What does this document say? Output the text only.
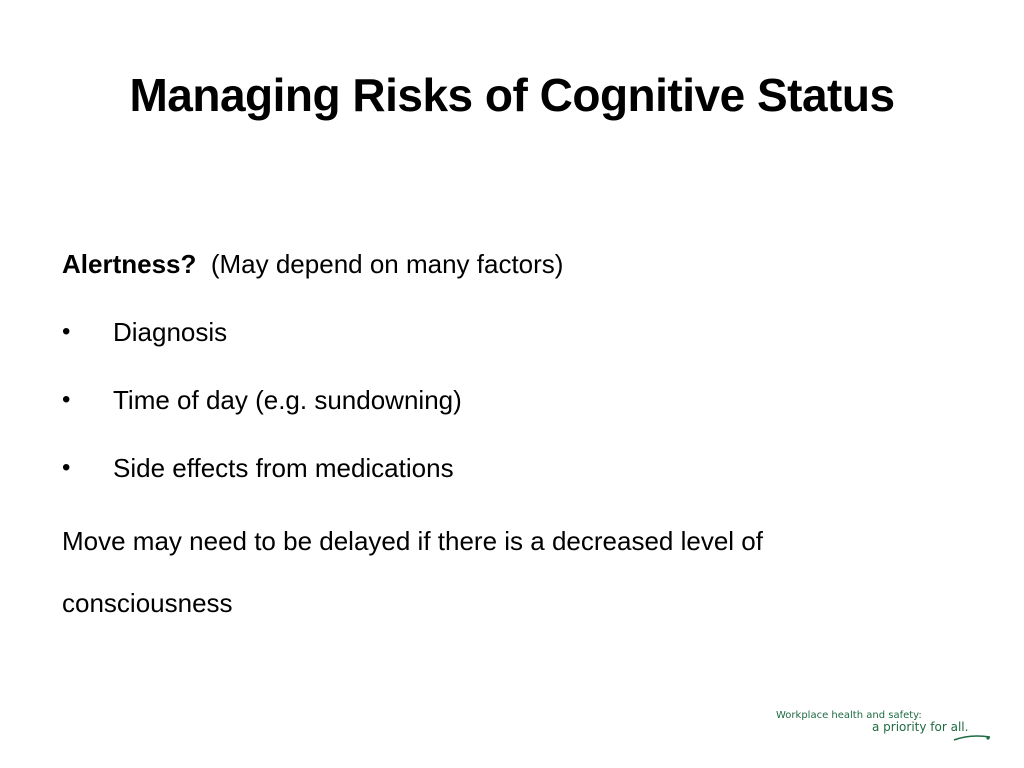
Managing Risks of Cognitive Status

Alertness?  (May depend on many factors)

• Diagnosis
• Time of day (e.g. sundowning)
• Side effects from medications

Move may need to be delayed if there is a decreased level of consciousness

Workplace health and safety:
a priority for all.
